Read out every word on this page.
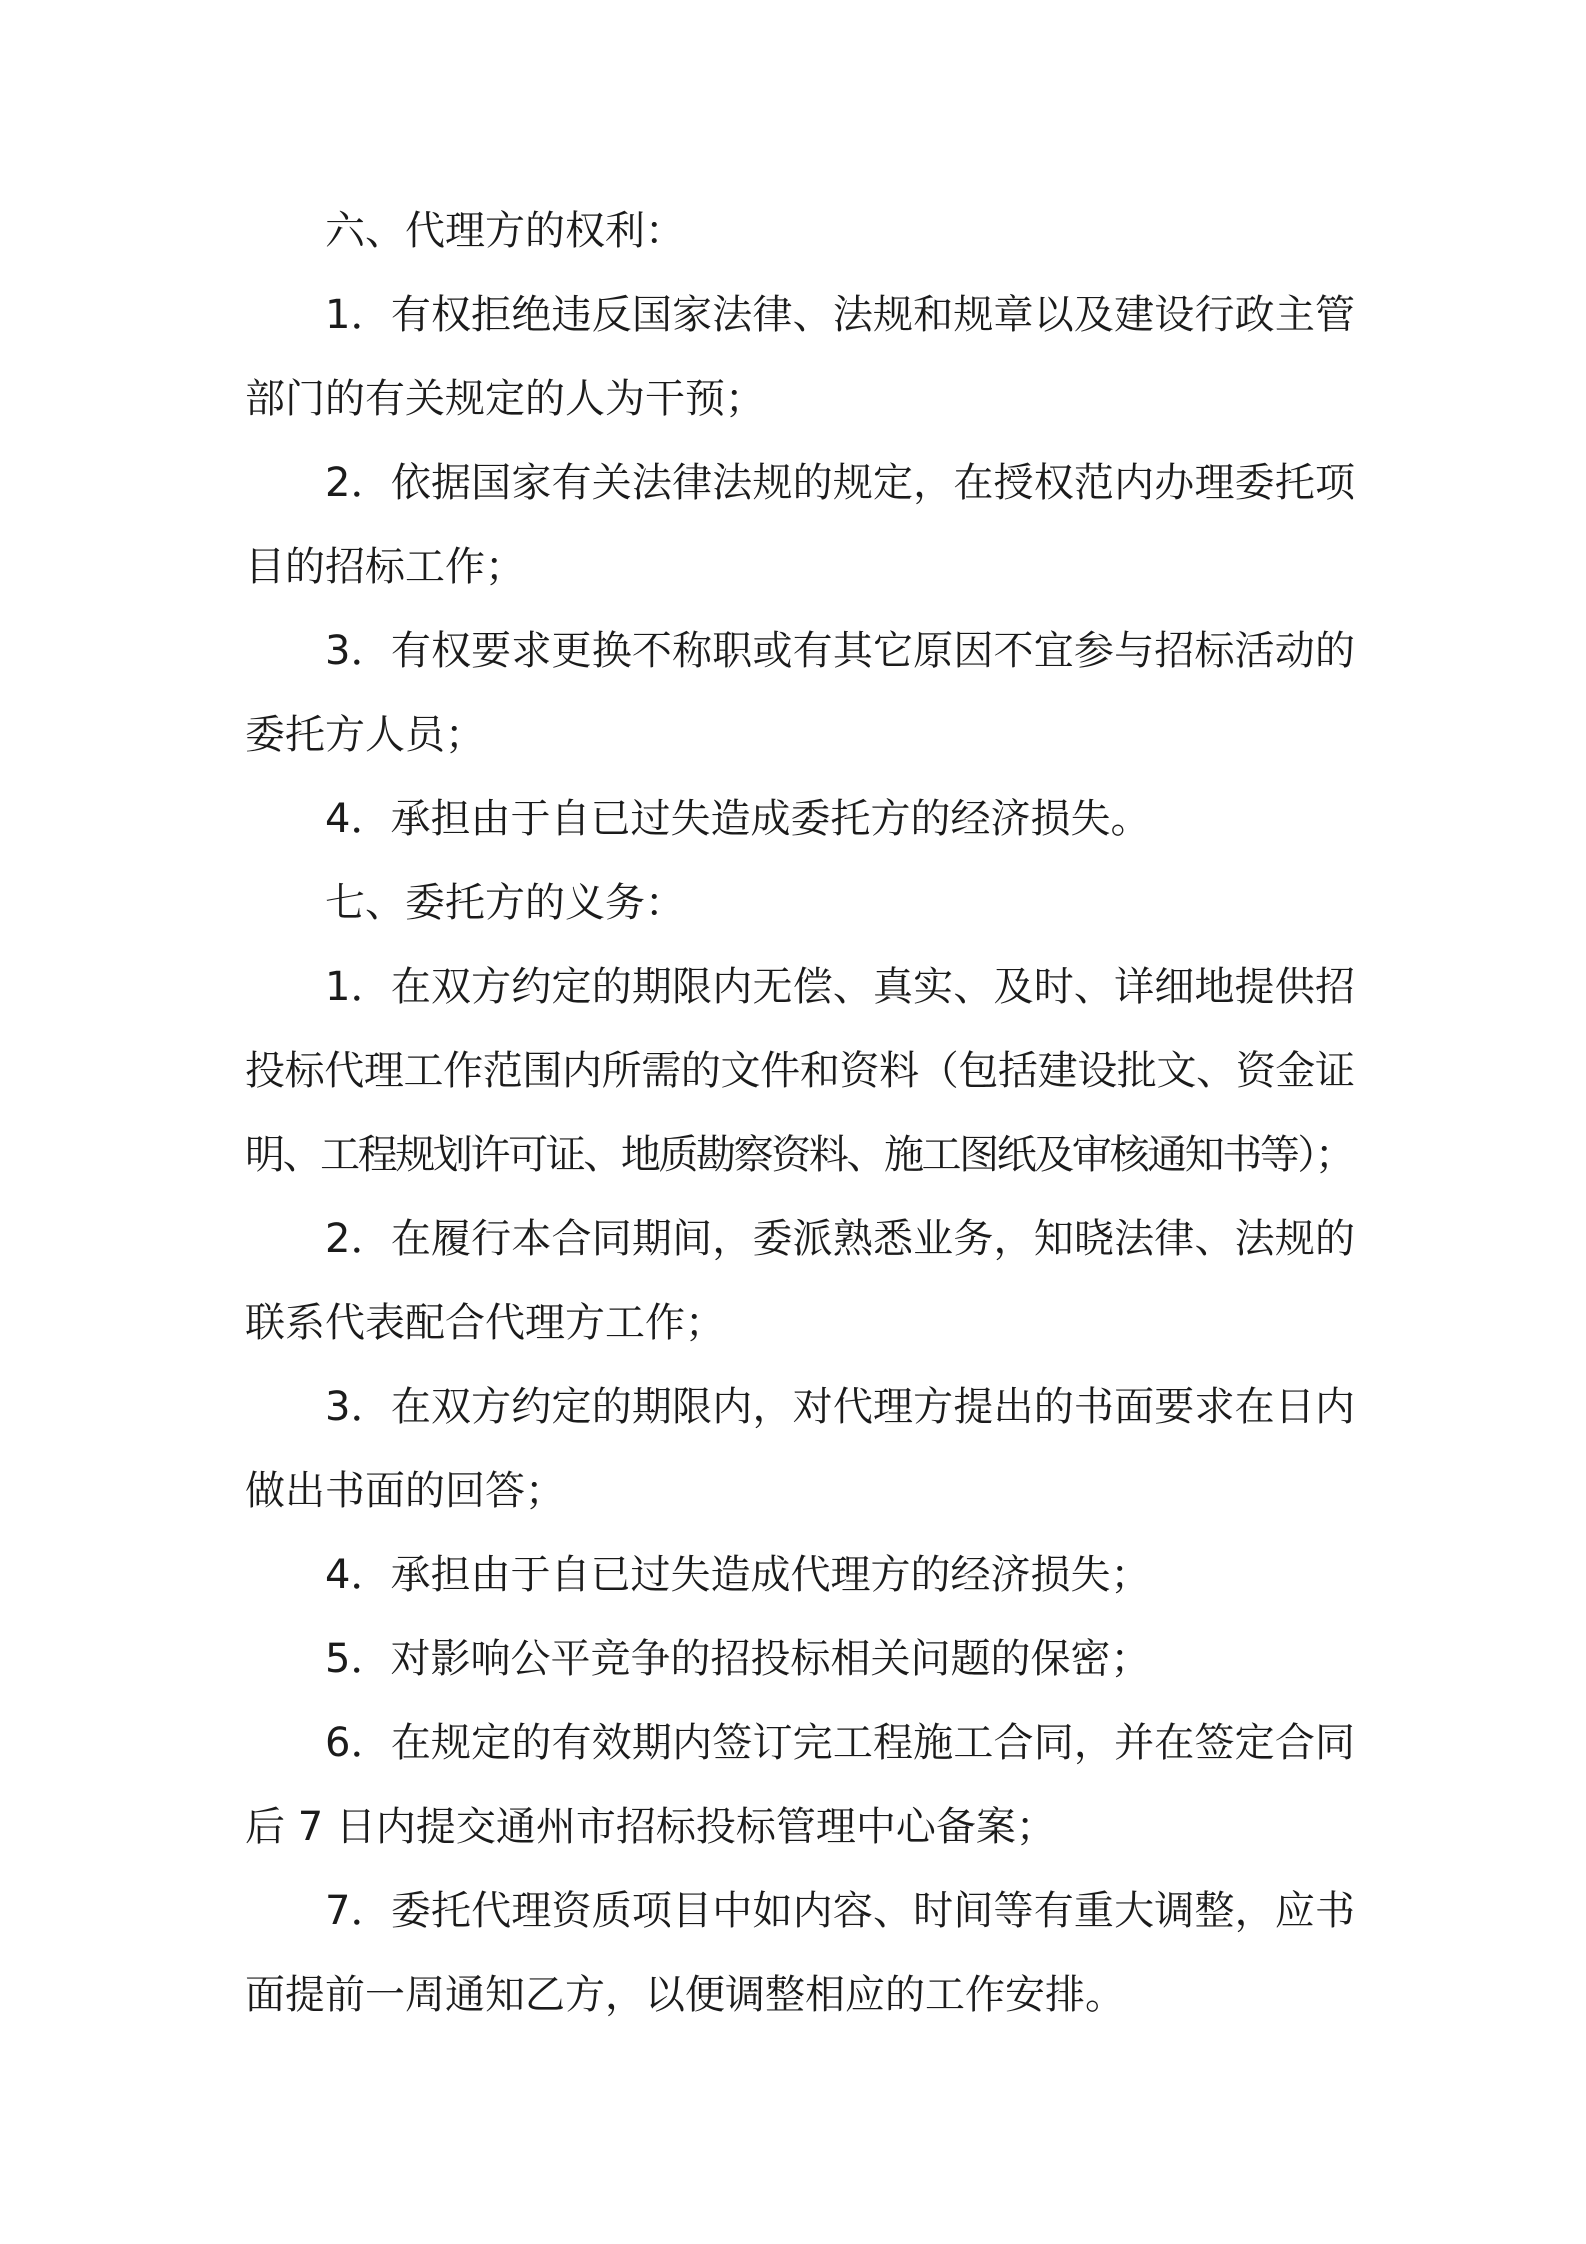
六、代理方的权利：
1．有权拒绝违反国家法律、法规和规章以及建设行政主管
部门的有关规定的人为干预；
2．依据国家有关法律法规的规定，在授权范内办理委托项
目的招标工作；
3．有权要求更换不称职或有其它原因不宜参与招标活动的
委托方人员；
4．承担由于自已过失造成委托方的经济损失。
七、委托方的义务：
1．在双方约定的期限内无偿、真实、及时、详细地提供招
投标代理工作范围内所需的文件和资料（包括建设批文、资金证
明、工程规划许可证、地质勘察资料、施工图纸及审核通知书等）；
2．在履行本合同期间，委派熟悉业务，知晓法律、法规的
联系代表配合代理方工作；
3．在双方约定的期限内，对代理方提出的书面要求在日内
做出书面的回答；
4．承担由于自已过失造成代理方的经济损失；
5．对影响公平竞争的招投标相关问题的保密；
6．在规定的有效期内签订完工程施工合同，并在签定合同
后 7 日内提交通州市招标投标管理中心备案；
7．委托代理资质项目中如内容、时间等有重大调整，应书
面提前一周通知乙方，以便调整相应的工作安排。
